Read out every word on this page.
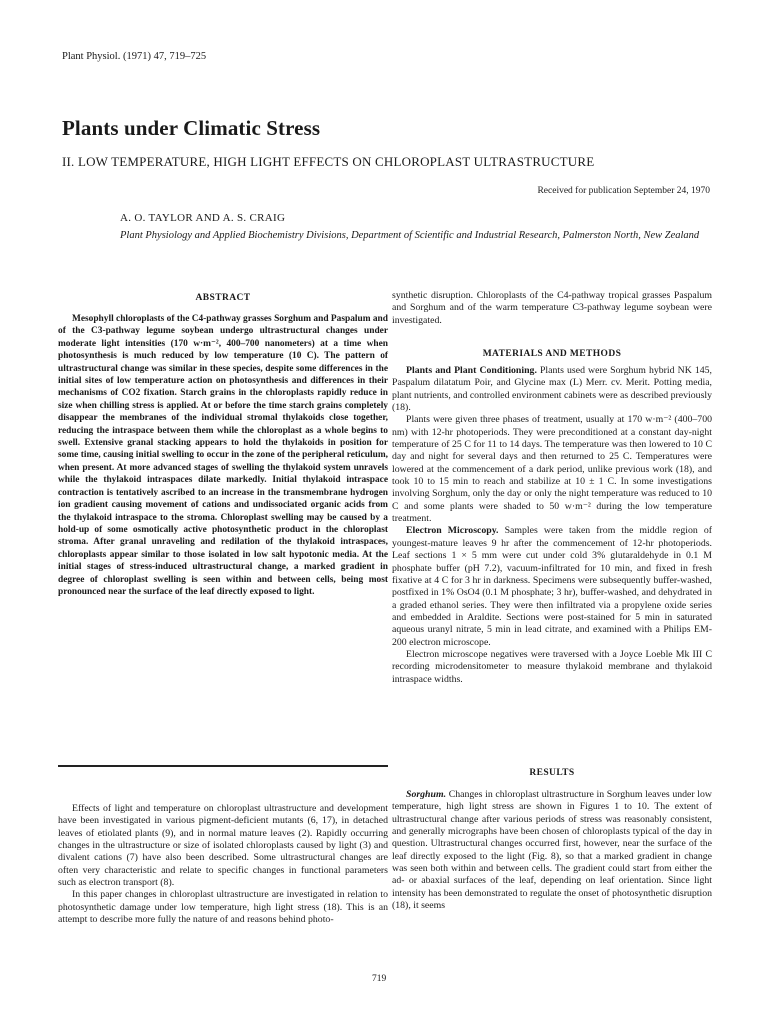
Plant Physiol. (1971) 47, 719–725
Plants under Climatic Stress
II. LOW TEMPERATURE, HIGH LIGHT EFFECTS ON CHLOROPLAST ULTRASTRUCTURE
Received for publication September 24, 1970
A. O. TAYLOR AND A. S. CRAIG
Plant Physiology and Applied Biochemistry Divisions, Department of Scientific and Industrial Research, Palmerston North, New Zealand
ABSTRACT

Mesophyll chloroplasts of the C4-pathway grasses Sorghum and Paspalum and of the C3-pathway legume soybean undergo ultrastructural changes under moderate light intensities (170 w·m⁻², 400–700 nanometers) at a time when photosynthesis is much reduced by low temperature (10 C). The pattern of ultrastructural change was similar in these species, despite some differences in the initial sites of low temperature action on photosynthesis and differences in their mechanisms of CO2 fixation. Starch grains in the chloroplasts rapidly reduce in size when chilling stress is applied. At or before the time starch grains completely disappear the membranes of the individual stromal thylakoids close together, reducing the intraspace between them while the chloroplast as a whole begins to swell. Extensive granal stacking appears to hold the thylakoids in position for some time, causing initial swelling to occur in the zone of the peripheral reticulum, when present. At more advanced stages of swelling the thylakoid system unravels while the thylakoid intraspaces dilate markedly. Initial thylakoid intraspace contraction is tentatively ascribed to an increase in the transmembrane hydrogen ion gradient causing movement of cations and undissociated organic acids from the thylakoid intraspace to the stroma. Chloroplast swelling may be caused by a hold-up of some osmotically active photosynthetic product in the chloroplast stroma. After granal unraveling and redilation of the thylakoid intraspaces, chloroplasts appear similar to those isolated in low salt hypotonic media. At the initial stages of stress-induced ultrastructural change, a marked gradient in degree of chloroplast swelling is seen within and between cells, being most pronounced near the surface of the leaf directly exposed to light.

Effects of light and temperature on chloroplast ultrastructure and development have been investigated in various pigment-deficient mutants (6, 17), in detached leaves of etiolated plants (9), and in normal mature leaves (2). Rapidly occurring changes in the ultrastructure or size of isolated chloroplasts caused by light (3) and divalent cations (7) have also been described. Some ultrastructural changes are often very characteristic and relate to specific changes in functional parameters such as electron transport (8).

In this paper changes in chloroplast ultrastructure are investigated in relation to photosynthetic damage under low temperature, high light stress (18). This is an attempt to describe more fully the nature of and reasons behind photo-

synthetic disruption. Chloroplasts of the C4-pathway tropical grasses Paspalum and Sorghum and of the warm temperature C3-pathway legume soybean were investigated.

MATERIALS AND METHODS

Plants and Plant Conditioning. Plants used were Sorghum hybrid NK 145, Paspalum dilatatum Poir, and Glycine max (L) Merr. cv. Merit. Potting media, plant nutrients, and controlled environment cabinets were as described previously (18).

Plants were given three phases of treatment, usually at 170 w·m⁻² (400–700 nm) with 12-hr photoperiods. They were preconditioned at a constant day-night temperature of 25 C for 11 to 14 days. The temperature was then lowered to 10 C day and night for several days and then returned to 25 C. Temperatures were lowered at the commencement of a dark period, unlike previous work (18), and took 10 to 15 min to reach and stabilize at 10 ± 1 C. In some investigations involving Sorghum, only the day or only the night temperature was reduced to 10 C and some plants were shaded to 50 w·m⁻² during the low temperature treatment.

Electron Microscopy. Samples were taken from the middle region of youngest-mature leaves 9 hr after the commencement of 12-hr photoperiods. Leaf sections 1 × 5 mm were cut under cold 3% glutaraldehyde in 0.1 M phosphate buffer (pH 7.2), vacuum-infiltrated for 10 min, and fixed in fresh fixative at 4 C for 3 hr in darkness. Specimens were subsequently buffer-washed, postfixed in 1% OsO4 (0.1 M phosphate; 3 hr), buffer-washed, and dehydrated in a graded ethanol series. They were then infiltrated via a propylene oxide series and embedded in Araldite. Sections were post-stained for 5 min in saturated aqueous uranyl nitrate, 5 min in lead citrate, and examined with a Philips EM-200 electron microscope.

Electron microscope negatives were traversed with a Joyce Loeble Mk III C recording microdensitometer to measure thylakoid membrane and thylakoid intraspace widths.

RESULTS

Sorghum. Changes in chloroplast ultrastructure in Sorghum leaves under low temperature, high light stress are shown in Figures 1 to 10. The extent of ultrastructural change after various periods of stress was reasonably consistent, and generally micrographs have been chosen of chloroplasts typical of the day in question. Ultrastructural changes occurred first, however, near the surface of the leaf directly exposed to the light (Fig. 8), so that a marked gradient in change was seen both within and between cells. The gradient could start from either the ad- or abaxial surfaces of the leaf, depending on leaf orientation. Since light intensity has been demonstrated to regulate the onset of photosynthetic disruption (18), it seems

719
